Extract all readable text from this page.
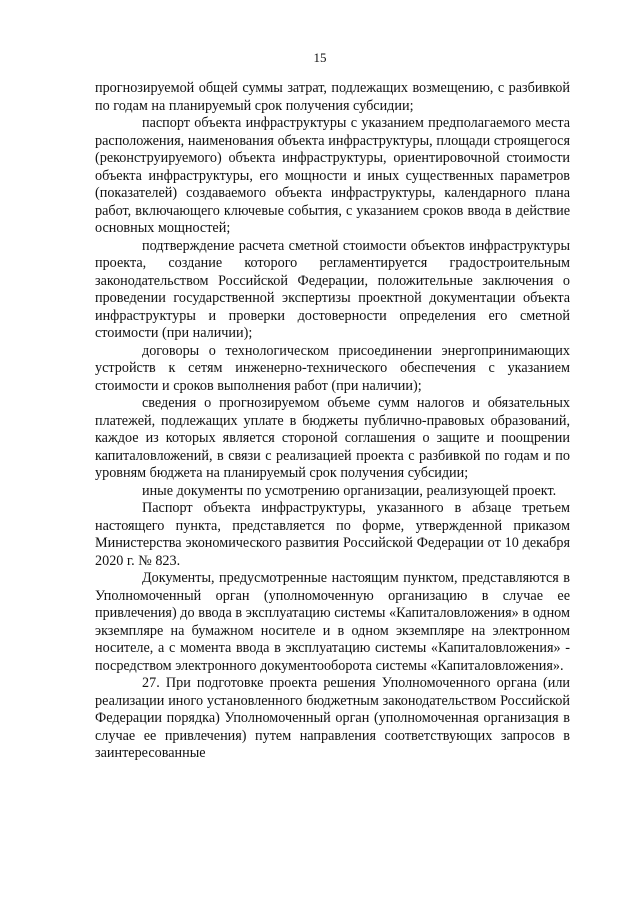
15

прогнозируемой общей суммы затрат, подлежащих возмещению, с разбивкой по годам на планируемый срок получения субсидии;

паспорт объекта инфраструктуры с указанием предполагаемого места расположения, наименования объекта инфраструктуры, площади строящегося (реконструируемого) объекта инфраструктуры, ориентировочной стоимости объекта инфраструктуры, его мощности и иных существенных параметров (показателей) создаваемого объекта инфраструктуры, календарного плана работ, включающего ключевые события, с указанием сроков ввода в действие основных мощностей;

подтверждение расчета сметной стоимости объектов инфраструктуры проекта, создание которого регламентируется градостроительным законодательством Российской Федерации, положительные заключения о проведении государственной экспертизы проектной документации объекта инфраструктуры и проверки достоверности определения его сметной стоимости (при наличии);

договоры о технологическом присоединении энергопринимающих устройств к сетям инженерно-технического обеспечения с указанием стоимости и сроков выполнения работ (при наличии);

сведения о прогнозируемом объеме сумм налогов и обязательных платежей, подлежащих уплате в бюджеты публично-правовых образований, каждое из которых является стороной соглашения о защите и поощрении капиталовложений, в связи с реализацией проекта с разбивкой по годам и по уровням бюджета на планируемый срок получения субсидии;

иные документы по усмотрению организации, реализующей проект.

Паспорт объекта инфраструктуры, указанного в абзаце третьем настоящего пункта, представляется по форме, утвержденной приказом Министерства экономического развития Российской Федерации от 10 декабря 2020 г. № 823.

Документы, предусмотренные настоящим пунктом, представляются в Уполномоченный орган (уполномоченную организацию в случае ее привлечения) до ввода в эксплуатацию системы «Капиталовложения» в одном экземпляре на бумажном носителе и в одном экземпляре на электронном носителе, а с момента ввода в эксплуатацию системы «Капиталовложения» - посредством электронного документооборота системы «Капиталовложения».

27. При подготовке проекта решения Уполномоченного органа (или реализации иного установленного бюджетным законодательством Российской Федерации порядка) Уполномоченный орган (уполномоченная организация в случае ее привлечения) путем направления соответствующих запросов в заинтересованные
